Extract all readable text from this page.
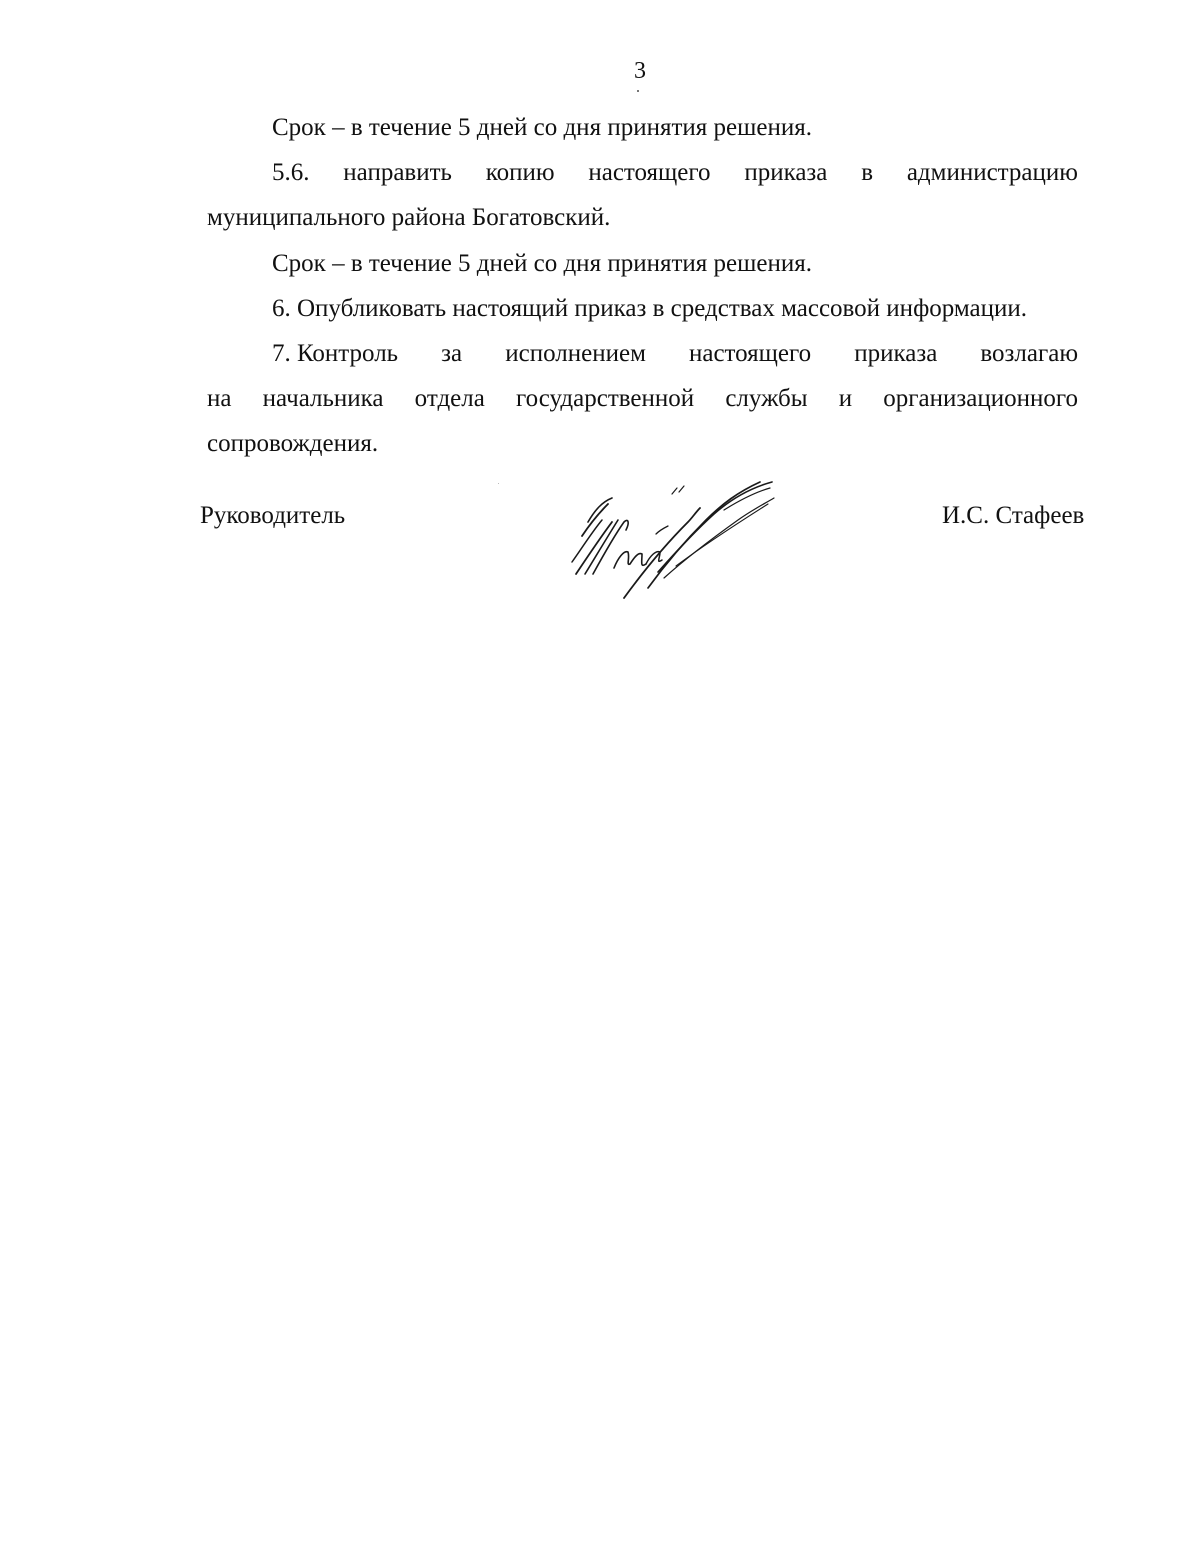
3
Срок – в течение 5 дней со дня принятия решения.
5.6. направить копию настоящего приказа в администрацию
муниципального района Богатовский.
Срок – в течение 5 дней со дня принятия решения.
6. Опубликовать настоящий приказ в средствах массовой информации.
7. Контроль за исполнением настоящего приказа возлагаю
на начальника отдела государственной службы и организационного
сопровождения.
Руководитель	И.С. Стафеев
